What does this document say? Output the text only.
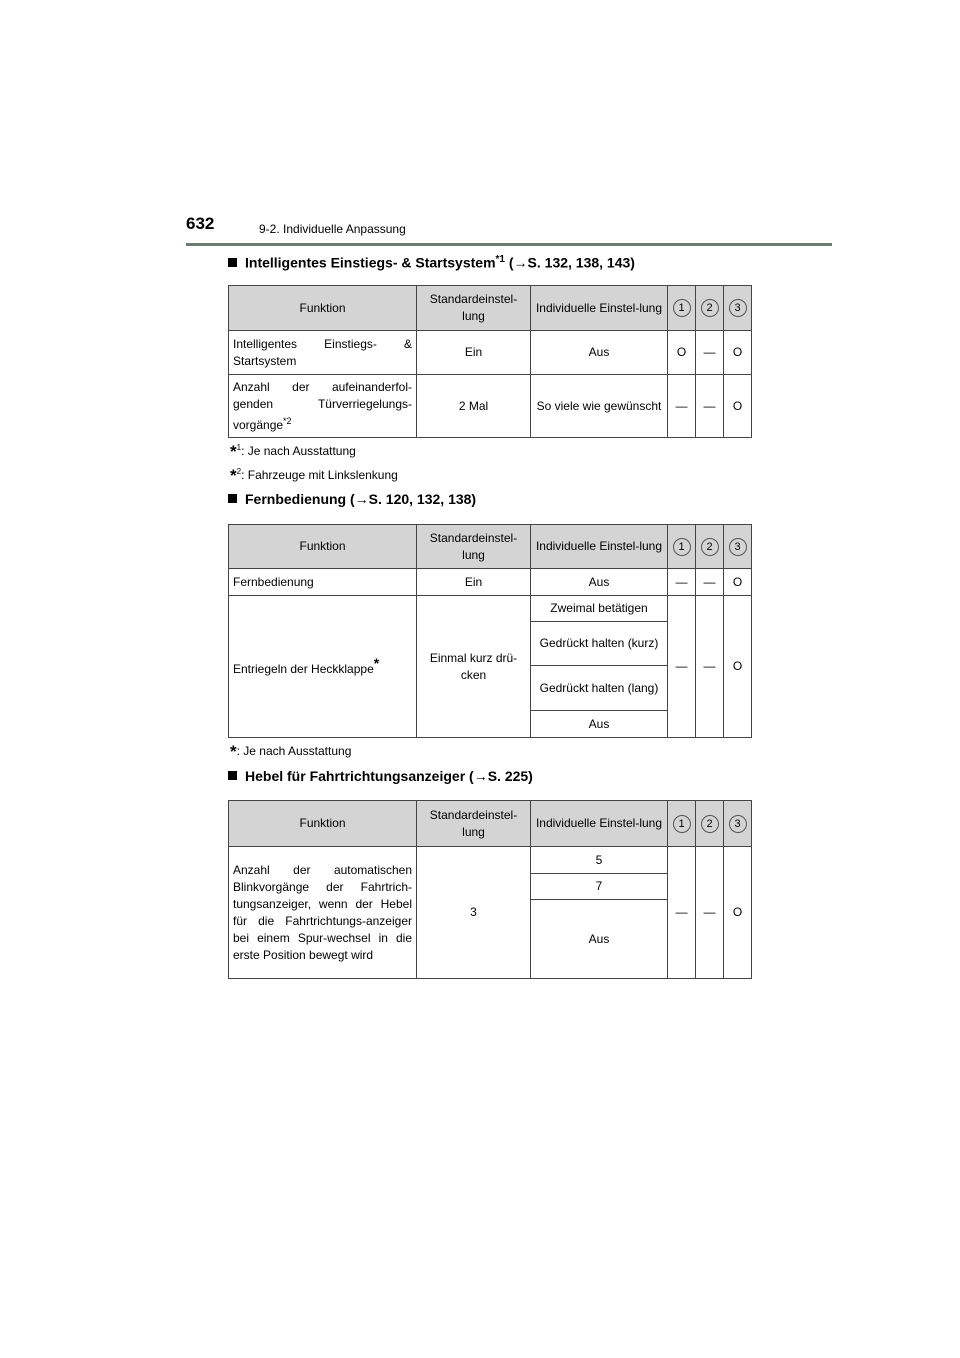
632	9-2. Individuelle Anpassung
Intelligentes Einstiegs- & Startsystem$^{*1}$ (→S. 132, 138, 143)
Funktion	Standardeinstel-lung	Individuelle Einstel-lung	1	2	3
Intelligentes Einstiegs- & Startsystem	Ein	Aus	O	—	O
Anzahl der aufeinanderfol-genden Türverriegelungs-vorgänge$^{*2}$	2 Mal	So viele wie gewünscht	—	—	O
*$^1$: Je nach Ausstattung
*$^2$: Fahrzeuge mit Linkslenkung
Fernbedienung (→S. 120, 132, 138)
Funktion	Standardeinstel-lung	Individuelle Einstel-lung	1	2	3
Fernbedienung	Ein	Aus	—	—	O
Entriegeln der Heckklappe*	Einmal kurz drü-cken	Zweimal betätigen	—	—	O
		Gedrückt halten (kurz)			
		Gedrückt halten (lang)			
		Aus			
*: Je nach Ausstattung
Hebel für Fahrtrichtungsanzeiger (→S. 225)
Funktion	Standardeinstel-lung	Individuelle Einstel-lung	1	2	3
Anzahl der automatischen Blinkvorgänge der Fahrtrich-tungsanzeiger, wenn der Hebel für die Fahrtrichtungs-anzeiger bei einem Spur-wechsel in die erste Position bewegt wird	3	5	—	—	O
		7			
		Aus			
